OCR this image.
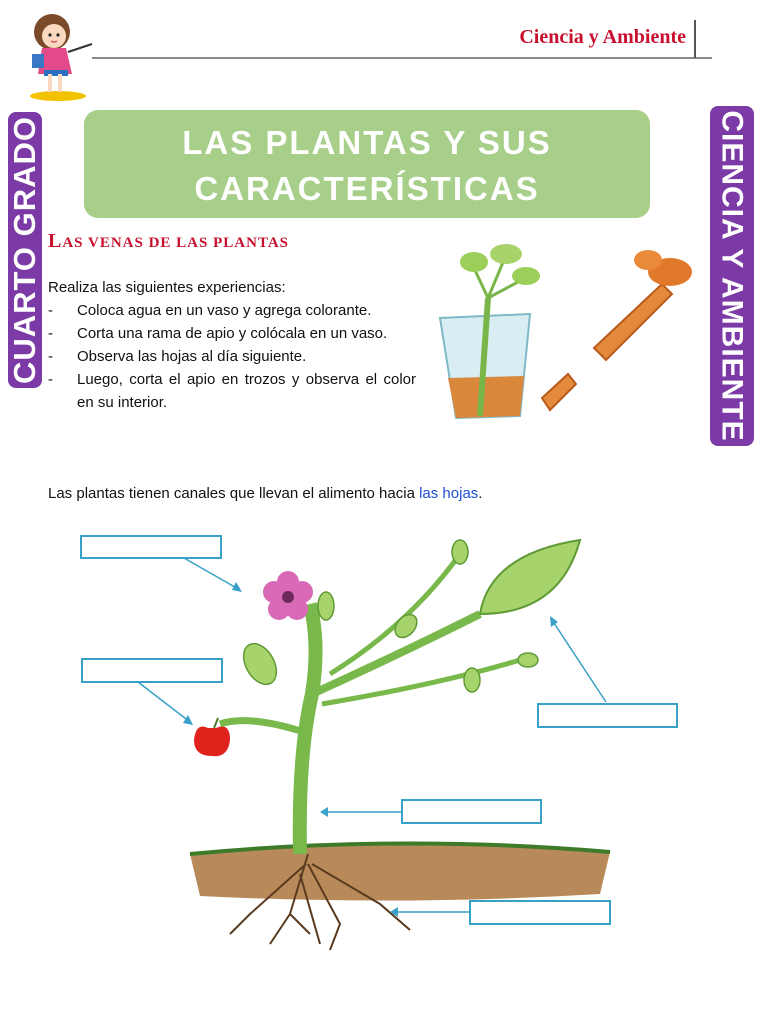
Ciencia y Ambiente
CUARTO GRADO	CIENCIA Y AMBIENTE
LAS PLANTAS Y SUS
CARACTERÍSTICAS
LAS VENAS DE LAS PLANTAS
Realiza las siguientes experiencias:
- Coloca agua en un vaso y agrega colorante.
- Corta una rama de apio y colócala en un vaso.
- Observa las hojas al día siguiente.
- Luego, corta el apio en trozos y observa el color en su interior.
Las plantas tienen canales que llevan el alimento hacia las hojas.
